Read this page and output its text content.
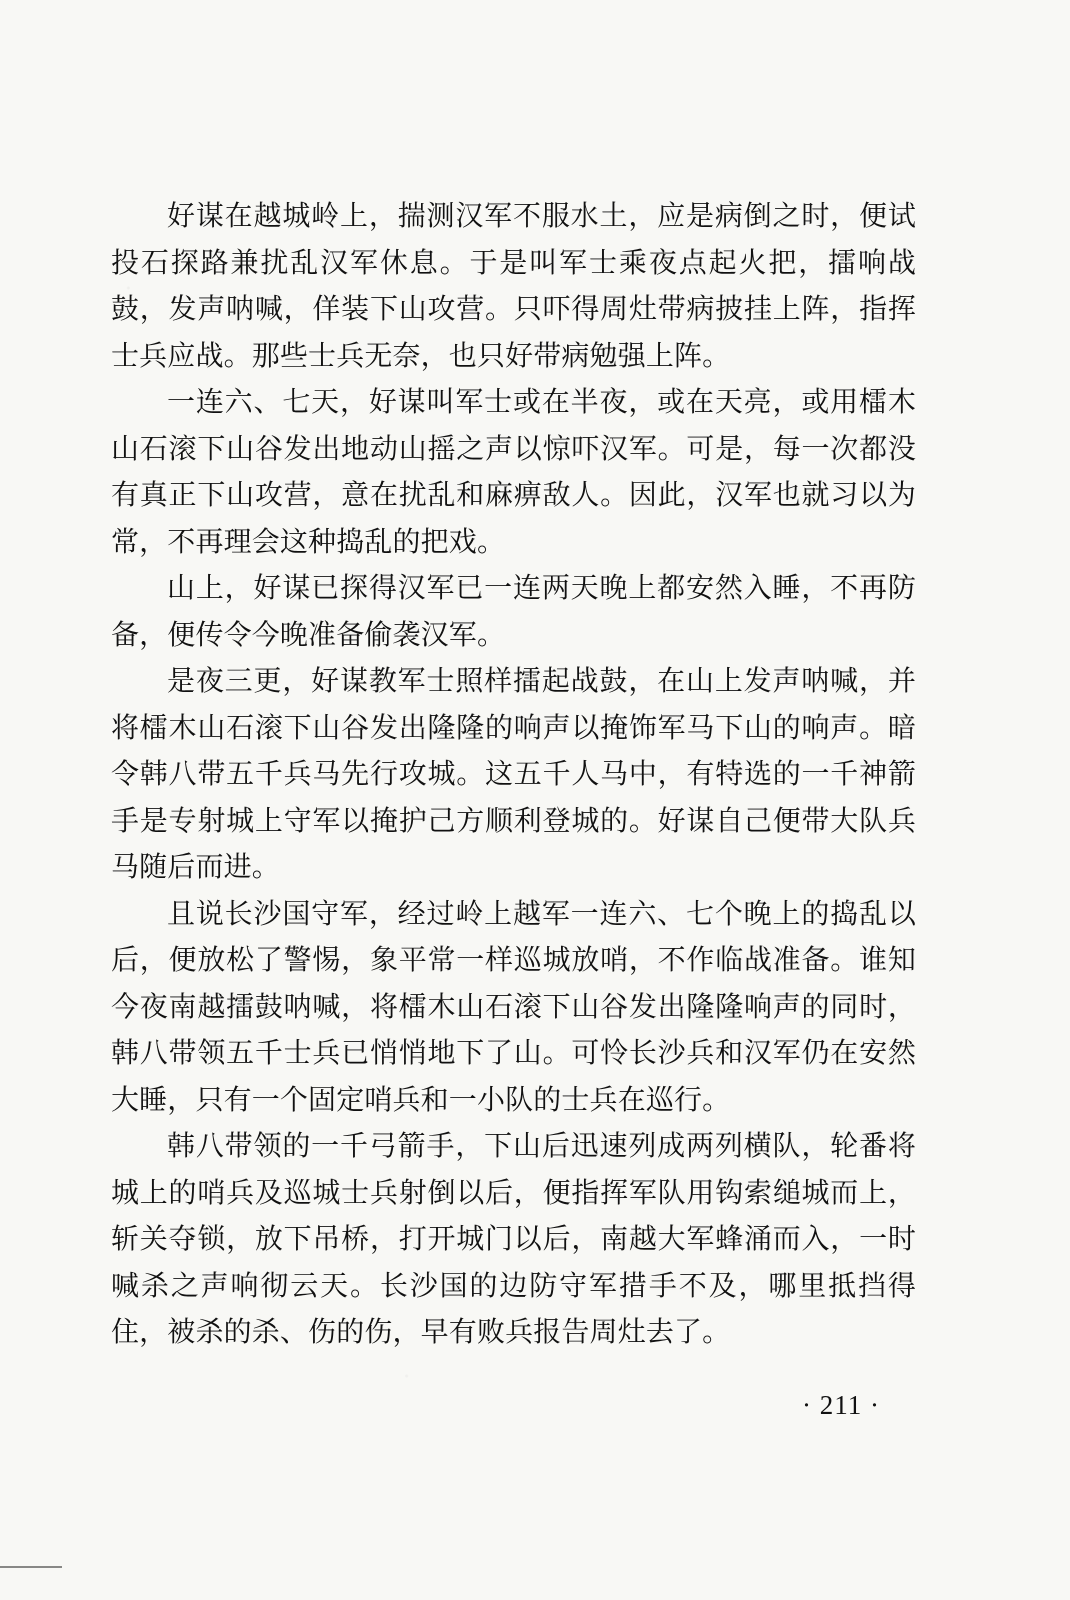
好谋在越城岭上，揣测汉军不服水土，应是病倒之时，便试投石探路兼扰乱汉军休息。于是叫军士乘夜点起火把，擂响战鼓，发声呐喊，佯装下山攻营。只吓得周灶带病披挂上阵，指挥士兵应战。那些士兵无奈，也只好带病勉强上阵。

一连六、七天，好谋叫军士或在半夜，或在天亮，或用檑木山石滚下山谷发出地动山摇之声以惊吓汉军。可是，每一次都没有真正下山攻营，意在扰乱和麻痹敌人。因此，汉军也就习以为常，不再理会这种捣乱的把戏。

山上，好谋已探得汉军已一连两天晚上都安然入睡，不再防备，便传令今晚准备偷袭汉军。

是夜三更，好谋教军士照样擂起战鼓，在山上发声呐喊，并将檑木山石滚下山谷发出隆隆的响声以掩饰军马下山的响声。暗令韩八带五千兵马先行攻城。这五千人马中，有特选的一千神箭手是专射城上守军以掩护己方顺利登城的。好谋自己便带大队兵马随后而进。

且说长沙国守军，经过岭上越军一连六、七个晚上的捣乱以后，便放松了警惕，象平常一样巡城放哨，不作临战准备。谁知今夜南越擂鼓呐喊，将檑木山石滚下山谷发出隆隆响声的同时，韩八带领五千士兵已悄悄地下了山。可怜长沙兵和汉军仍在安然大睡，只有一个固定哨兵和一小队的士兵在巡行。

韩八带领的一千弓箭手，下山后迅速列成两列横队，轮番将城上的哨兵及巡城士兵射倒以后，便指挥军队用钩索缒城而上，斩关夺锁，放下吊桥，打开城门以后，南越大军蜂涌而入，一时喊杀之声响彻云天。长沙国的边防守军措手不及，哪里抵挡得住，被杀的杀、伤的伤，早有败兵报告周灶去了。

· 211 ·
